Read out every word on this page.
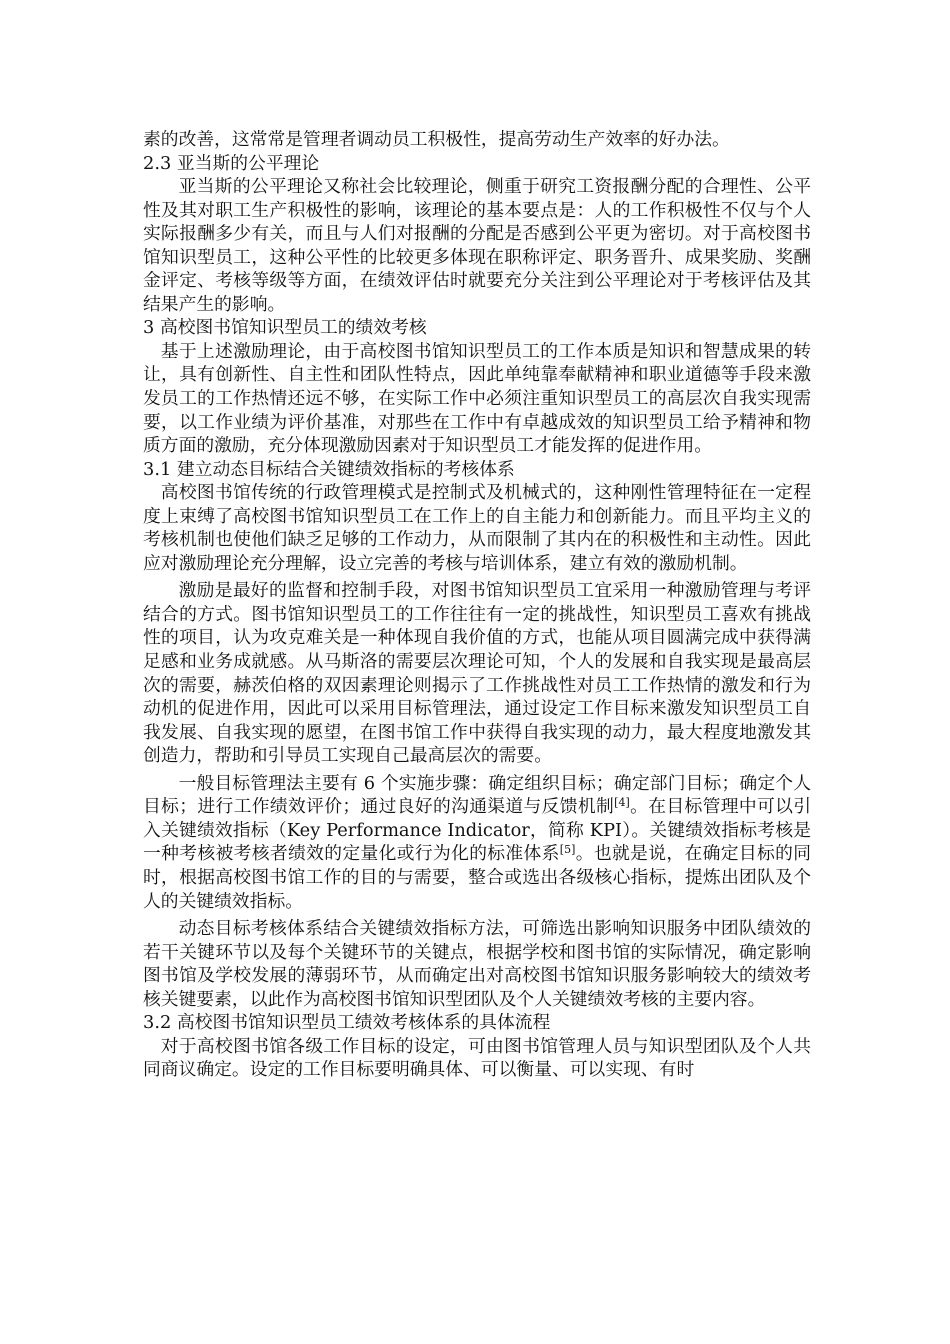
素的改善，这常常是管理者调动员工积极性，提高劳动生产效率的好办法。

2.3 亚当斯的公平理论

亚当斯的公平理论又称社会比较理论，侧重于研究工资报酬分配的合理性、公平性及其对职工生产积极性的影响，该理论的基本要点是：人的工作积极性不仅与个人实际报酬多少有关，而且与人们对报酬的分配是否感到公平更为密切。对于高校图书馆知识型员工，这种公平性的比较更多体现在职称评定、职务晋升、成果奖励、奖酬金评定、考核等级等方面，在绩效评估时就要充分关注到公平理论对于考核评估及其结果产生的影响。

3 高校图书馆知识型员工的绩效考核

基于上述激励理论，由于高校图书馆知识型员工的工作本质是知识和智慧成果的转让，具有创新性、自主性和团队性特点，因此单纯靠奉献精神和职业道德等手段来激发员工的工作热情还远不够，在实际工作中必须注重知识型员工的高层次自我实现需要，以工作业绩为评价基准，对那些在工作中有卓越成效的知识型员工给予精神和物质方面的激励，充分体现激励因素对于知识型员工才能发挥的促进作用。

3.1 建立动态目标结合关键绩效指标的考核体系

高校图书馆传统的行政管理模式是控制式及机械式的，这种刚性管理特征在一定程度上束缚了高校图书馆知识型员工在工作上的自主能力和创新能力。而且平均主义的考核机制也使他们缺乏足够的工作动力，从而限制了其内在的积极性和主动性。因此应对激励理论充分理解，设立完善的考核与培训体系，建立有效的激励机制。

激励是最好的监督和控制手段，对图书馆知识型员工宜采用一种激励管理与考评结合的方式。图书馆知识型员工的工作往往有一定的挑战性，知识型员工喜欢有挑战性的项目，认为攻克难关是一种体现自我价值的方式，也能从项目圆满完成中获得满足感和业务成就感。从马斯洛的需要层次理论可知，个人的发展和自我实现是最高层次的需要，赫茨伯格的双因素理论则揭示了工作挑战性对员工工作热情的激发和行为动机的促进作用，因此可以采用目标管理法，通过设定工作目标来激发知识型员工自我发展、自我实现的愿望，在图书馆工作中获得自我实现的动力，最大程度地激发其创造力，帮助和引导员工实现自己最高层次的需要。

一般目标管理法主要有 6 个实施步骤：确定组织目标；确定部门目标；确定个人目标；进行工作绩效评价；通过良好的沟通渠道与反馈机制[4]。在目标管理中可以引入关键绩效指标（Key Performance Indicator，简称 KPI）。关键绩效指标考核是一种考核被考核者绩效的定量化或行为化的标准体系[5]。也就是说，在确定目标的同时，根据高校图书馆工作的目的与需要，整合或选出各级核心指标，提炼出团队及个人的关键绩效指标。

动态目标考核体系结合关键绩效指标方法，可筛选出影响知识服务中团队绩效的若干关键环节以及每个关键环节的关键点，根据学校和图书馆的实际情况，确定影响图书馆及学校发展的薄弱环节，从而确定出对高校图书馆知识服务影响较大的绩效考核关键要素，以此作为高校图书馆知识型团队及个人关键绩效考核的主要内容。

3.2 高校图书馆知识型员工绩效考核体系的具体流程

对于高校图书馆各级工作目标的设定，可由图书馆管理人员与知识型团队及个人共同商议确定。设定的工作目标要明确具体、可以衡量、可以实现、有时
